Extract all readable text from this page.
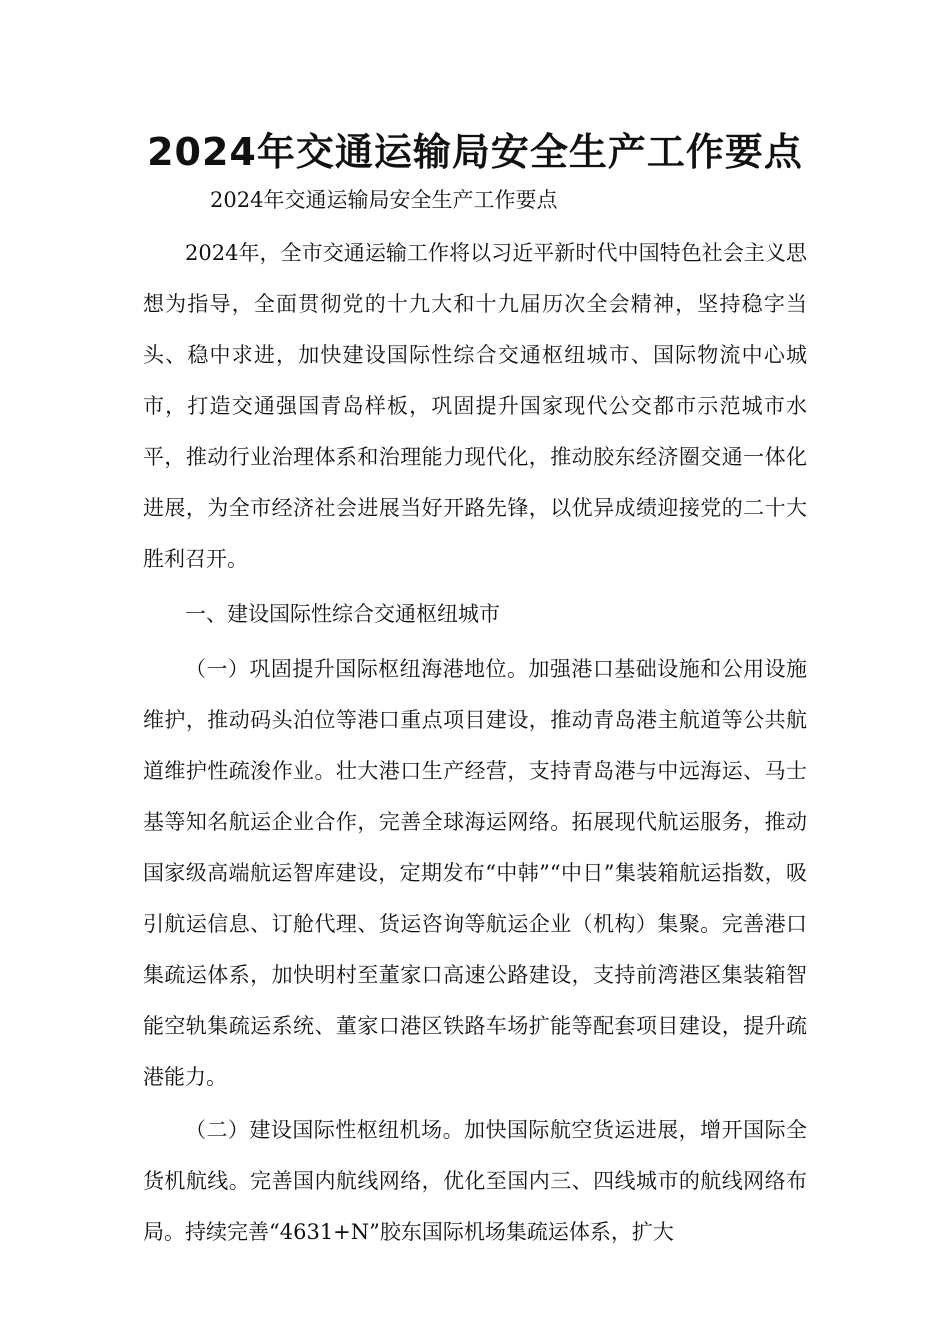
2024年交通运输局安全生产工作要点

2024年交通运输局安全生产工作要点

2024年，全市交通运输工作将以习近平新时代中国特色社会主义思想为指导，全面贯彻党的十九大和十九届历次全会精神，坚持稳字当头、稳中求进，加快建设国际性综合交通枢纽城市、国际物流中心城市，打造交通强国青岛样板，巩固提升国家现代公交都市示范城市水平，推动行业治理体系和治理能力现代化，推动胶东经济圈交通一体化进展，为全市经济社会进展当好开路先锋，以优异成绩迎接党的二十大胜利召开。

一、建设国际性综合交通枢纽城市

（一）巩固提升国际枢纽海港地位。加强港口基础设施和公用设施维护，推动码头泊位等港口重点项目建设，推动青岛港主航道等公共航道维护性疏浚作业。壮大港口生产经营，支持青岛港与中远海运、马士基等知名航运企业合作，完善全球海运网络。拓展现代航运服务，推动国家级高端航运智库建设，定期发布“中韩”“中日”集装箱航运指数，吸引航运信息、订舱代理、货运咨询等航运企业（机构）集聚。完善港口集疏运体系，加快明村至董家口高速公路建设，支持前湾港区集装箱智能空轨集疏运系统、董家口港区铁路车场扩能等配套项目建设，提升疏港能力。

（二）建设国际性枢纽机场。加快国际航空货运进展，增开国际全货机航线。完善国内航线网络，优化至国内三、四线城市的航线网络布局。持续完善“4631+N”胶东国际机场集疏运体系，扩大
